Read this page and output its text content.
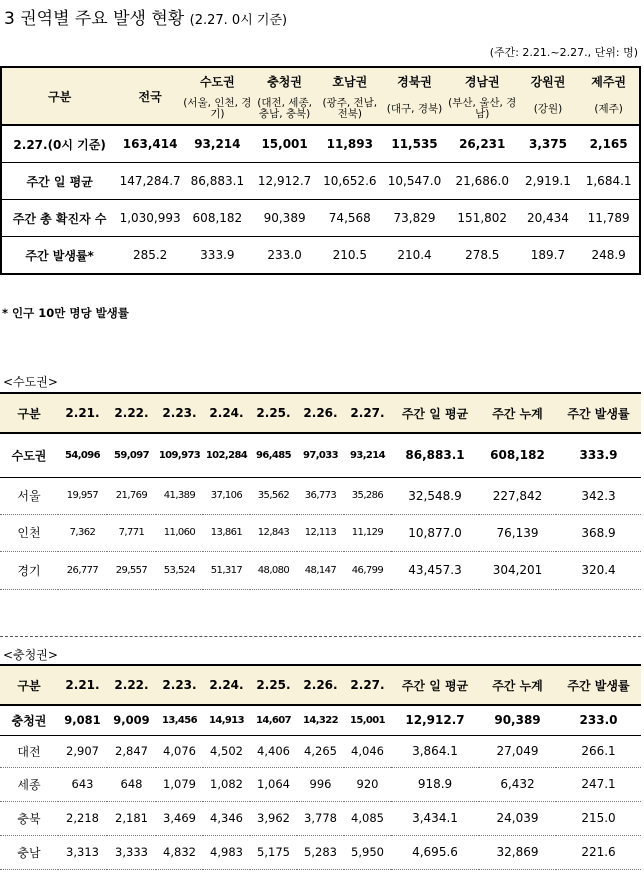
3 권역별 주요 발생 현황 (2.27. 0시 기준)
(주간: 2.21.~2.27., 단위: 명)
구분	전국	수도권	충청권	호남권	경북권	경남권	강원권	제주권
		(서울, 인천, 경기)	(대전, 세종, 충남, 충북)	(광주, 전남, 전북)	(대구, 경북)	(부산, 울산, 경남)	(강원)	(제주)
2.27.(0시 기준)	163,414	93,214	15,001	11,893	11,535	26,231	3,375	2,165
주간 일 평균	147,284.7	86,883.1	12,912.7	10,652.6	10,547.0	21,686.0	2,919.1	1,684.1
주간 총 확진자 수	1,030,993	608,182	90,389	74,568	73,829	151,802	20,434	11,789
주간 발생률*	285.2	333.9	233.0	210.5	210.4	278.5	189.7	248.9
* 인구 10만 명당 발생률
<수도권>
구분	2.21.	2.22.	2.23.	2.24.	2.25.	2.26.	2.27.	주간 일 평균	주간 누계	주간 발생률
수도권	54,096	59,097	109,973	102,284	96,485	97,033	93,214	86,883.1	608,182	333.9
서울	19,957	21,769	41,389	37,106	35,562	36,773	35,286	32,548.9	227,842	342.3
인천	7,362	7,771	11,060	13,861	12,843	12,113	11,129	10,877.0	76,139	368.9
경기	26,777	29,557	53,524	51,317	48,080	48,147	46,799	43,457.3	304,201	320.4
<충청권>
구분	2.21.	2.22.	2.23.	2.24.	2.25.	2.26.	2.27.	주간 일 평균	주간 누계	주간 발생률
충청권	9,081	9,009	13,456	14,913	14,607	14,322	15,001	12,912.7	90,389	233.0
대전	2,907	2,847	4,076	4,502	4,406	4,265	4,046	3,864.1	27,049	266.1
세종	643	648	1,079	1,082	1,064	996	920	918.9	6,432	247.1
충북	2,218	2,181	3,469	4,346	3,962	3,778	4,085	3,434.1	24,039	215.0
충남	3,313	3,333	4,832	4,983	5,175	5,283	5,950	4,695.6	32,869	221.6
